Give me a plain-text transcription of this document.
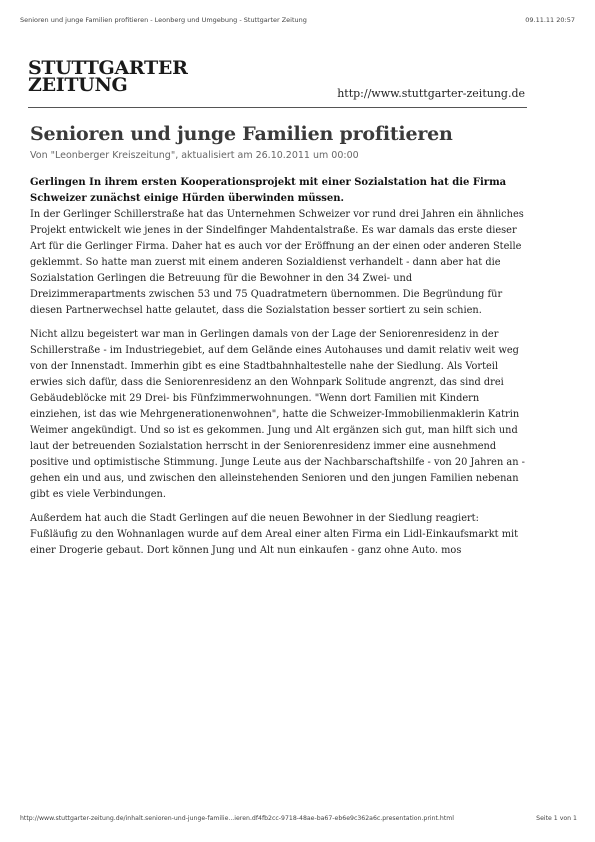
Senioren und junge Familien profitieren - Leonberg und Umgebung - Stuttgarter Zeitung	09.11.11 20:57
STUTTGARTER
ZEITUNG	http://www.stuttgarter-zeitung.de
Senioren und junge Familien profitieren

Von "Leonberger Kreiszeitung", aktualisiert am 26.10.2011 um 00:00

Gerlingen In ihrem ersten Kooperationsprojekt mit einer Sozialstation hat die Firma Schweizer zunächst einige Hürden überwinden müssen.

In der Gerlinger Schillerstraße hat das Unternehmen Schweizer vor rund drei Jahren ein ähnliches Projekt entwickelt wie jenes in der Sindelfinger Mahdentalstraße. Es war damals das erste dieser Art für die Gerlinger Firma. Daher hat es auch vor der Eröffnung an der einen oder anderen Stelle geklemmt. So hatte man zuerst mit einem anderen Sozialdienst verhandelt - dann aber hat die Sozialstation Gerlingen die Betreuung für die Bewohner in den 34 Zwei- und Dreizimmerapartments zwischen 53 und 75 Quadratmetern übernommen. Die Begründung für diesen Partnerwechsel hatte gelautet, dass die Sozialstation besser sortiert zu sein schien.

Nicht allzu begeistert war man in Gerlingen damals von der Lage der Seniorenresidenz in der Schillerstraße - im Industriegebiet, auf dem Gelände eines Autohauses und damit relativ weit weg von der Innenstadt. Immerhin gibt es eine Stadtbahnhaltestelle nahe der Siedlung. Als Vorteil erwies sich dafür, dass die Seniorenresidenz an den Wohnpark Solitude angrenzt, das sind drei Gebäudeblöcke mit 29 Drei- bis Fünfzimmerwohnungen. "Wenn dort Familien mit Kindern einziehen, ist das wie Mehrgenerationenwohnen", hatte die Schweizer-Immobilienmaklerin Katrin Weimer angekündigt. Und so ist es gekommen. Jung und Alt ergänzen sich gut, man hilft sich und laut der betreuenden Sozialstation herrscht in der Seniorenresidenz immer eine ausnehmend positive und optimistische Stimmung. Junge Leute aus der Nachbarschaftshilfe - von 20 Jahren an - gehen ein und aus, und zwischen den alleinstehenden Senioren und den jungen Familien nebenan gibt es viele Verbindungen.

Außerdem hat auch die Stadt Gerlingen auf die neuen Bewohner in der Siedlung reagiert: Fußläufig zu den Wohnanlagen wurde auf dem Areal einer alten Firma ein Lidl-Einkaufsmarkt mit einer Drogerie gebaut. Dort können Jung und Alt nun einkaufen - ganz ohne Auto. mos

http://www.stuttgarter-zeitung.de/inhalt.senioren-und-junge-familie...ieren.df4fb2cc-9718-48ae-ba67-eb6e9c362a6c.presentation.print.html	Seite 1 von 1
